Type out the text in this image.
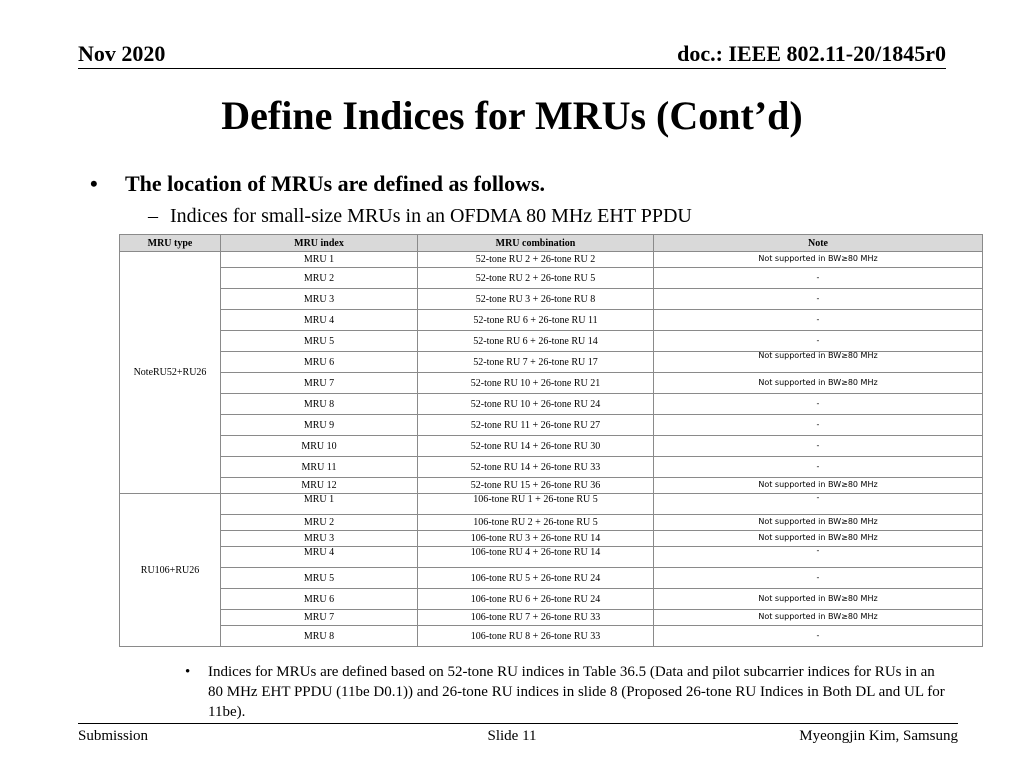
Nov 2020	doc.: IEEE 802.11-20/1845r0
Define Indices for MRUs (Cont’d)
• The location of MRUs are defined as follows.
– Indices for small-size MRUs in an OFDMA 80 MHz EHT PPDU
MRU type	MRU index	MRU combination	Note
NoteRU52+RU26	MRU 1	52-tone RU 2 + 26-tone RU 2	Not supported in BW≥80 MHz
	MRU 2	52-tone RU 2 + 26-tone RU 5	-
	MRU 3	52-tone RU 3 + 26-tone RU 8	-
	MRU 4	52-tone RU 6 + 26-tone RU 11	-
	MRU 5	52-tone RU 6 + 26-tone RU 14	-
	MRU 6	52-tone RU 7 + 26-tone RU 17	Not supported in BW≥80 MHz
	MRU 7	52-tone RU 10 + 26-tone RU 21	Not supported in BW≥80 MHz
	MRU 8	52-tone RU 10 + 26-tone RU 24	-
	MRU 9	52-tone RU 11 + 26-tone RU 27	-
	MRU 10	52-tone RU 14 + 26-tone RU 30	-
	MRU 11	52-tone RU 14 + 26-tone RU 33	-
	MRU 12	52-tone RU 15 + 26-tone RU 36	Not supported in BW≥80 MHz
RU106+RU26	MRU 1	106-tone RU 1 + 26-tone RU 5	-
	MRU 2	106-tone RU 2 + 26-tone RU 5	Not supported in BW≥80 MHz
	MRU 3	106-tone RU 3 + 26-tone RU 14	Not supported in BW≥80 MHz
	MRU 4	106-tone RU 4 + 26-tone RU 14	-
	MRU 5	106-tone RU 5 + 26-tone RU 24	-
	MRU 6	106-tone RU 6 + 26-tone RU 24	Not supported in BW≥80 MHz
	MRU 7	106-tone RU 7 + 26-tone RU 33	Not supported in BW≥80 MHz
	MRU 8	106-tone RU 8 + 26-tone RU 33	-
• Indices for MRUs are defined based on 52-tone RU indices in Table 36.5 (Data and pilot subcarrier indices for RUs in an 80 MHz EHT PPDU (11be D0.1)) and 26-tone RU indices in slide 8 (Proposed 26-tone RU Indices in Both DL and UL for 11be).
Submission	Slide 11	Myeongjin Kim, Samsung
